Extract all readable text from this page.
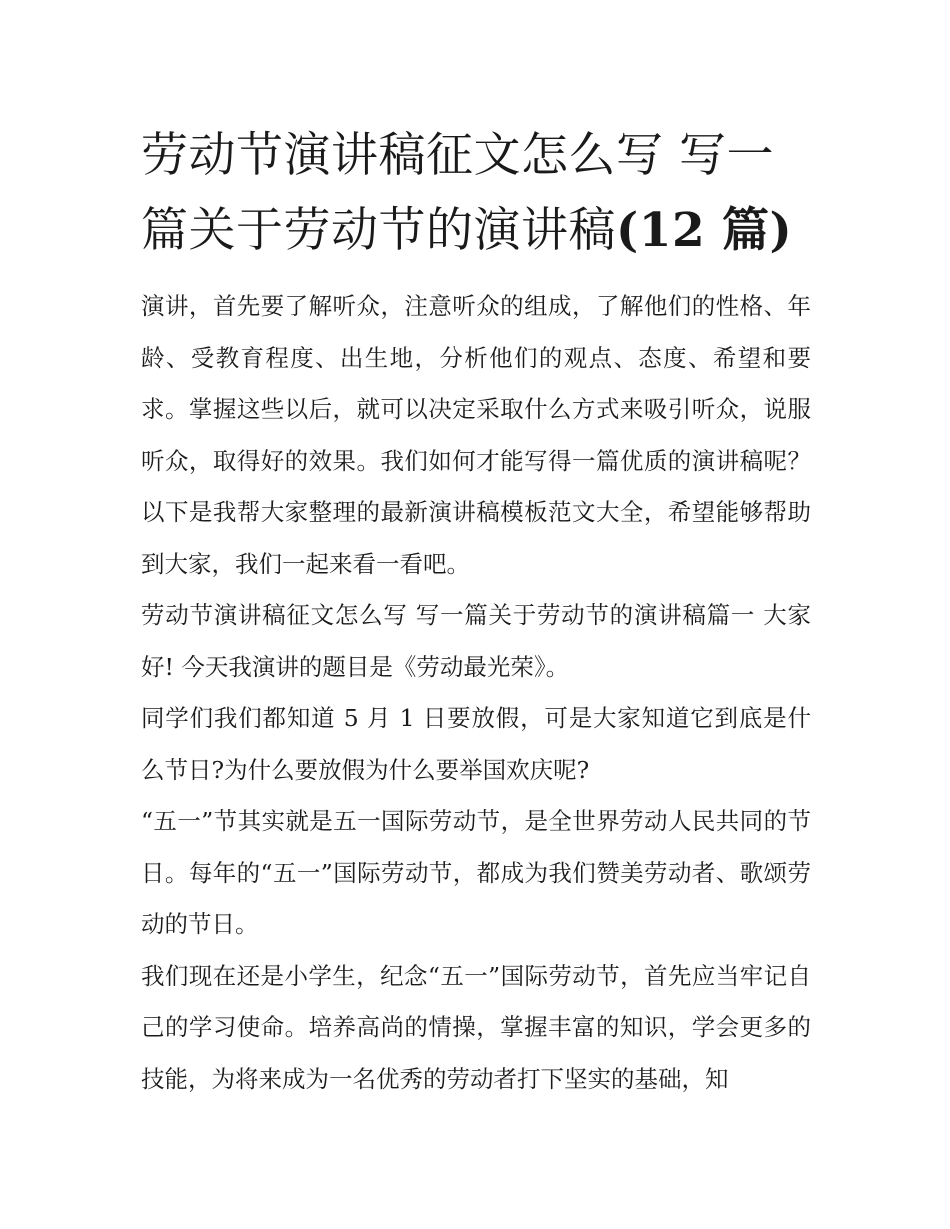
劳动节演讲稿征文怎么写 写一篇关于劳动节的演讲稿(12 篇)

演讲，首先要了解听众，注意听众的组成，了解他们的性格、年龄、受教育程度、出生地，分析他们的观点、态度、希望和要求。掌握这些以后，就可以决定采取什么方式来吸引听众，说服听众，取得好的效果。我们如何才能写得一篇优质的演讲稿呢？以下是我帮大家整理的最新演讲稿模板范文大全，希望能够帮助到大家，我们一起来看一看吧。

劳动节演讲稿征文怎么写 写一篇关于劳动节的演讲稿篇一 大家好! 今天我演讲的题目是《劳动最光荣》。

同学们我们都知道 5 月 1 日要放假，可是大家知道它到底是什么节日?为什么要放假为什么要举国欢庆呢?

“五一”节其实就是五一国际劳动节，是全世界劳动人民共同的节日。每年的“五一”国际劳动节，都成为我们赞美劳动者、歌颂劳动的节日。

我们现在还是小学生，纪念“五一”国际劳动节，首先应当牢记自己的学习使命。培养高尚的情操，掌握丰富的知识，学会更多的技能，为将来成为一名优秀的劳动者打下坚实的基础，知
